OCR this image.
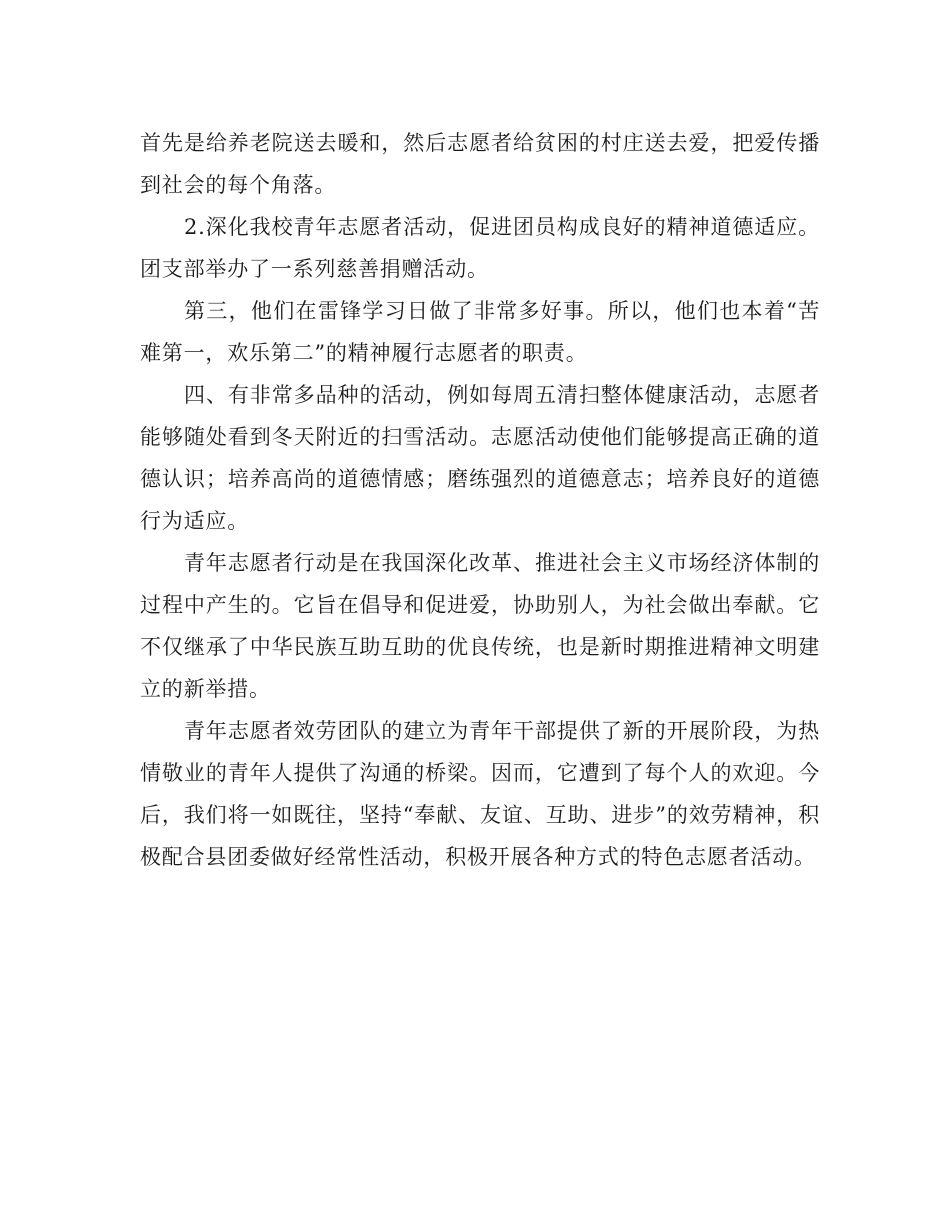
首先是给养老院送去暖和，然后志愿者给贫困的村庄送去爱，把爱传播到社会的每个角落。

2.深化我校青年志愿者活动，促进团员构成良好的精神道德适应。团支部举办了一系列慈善捐赠活动。

第三，他们在雷锋学习日做了非常多好事。所以，他们也本着“苦难第一，欢乐第二”的精神履行志愿者的职责。

四、有非常多品种的活动，例如每周五清扫整体健康活动，志愿者能够随处看到冬天附近的扫雪活动。志愿活动使他们能够提高正确的道德认识；培养高尚的道德情感；磨练强烈的道德意志；培养良好的道德行为适应。

青年志愿者行动是在我国深化改革、推进社会主义市场经济体制的过程中产生的。它旨在倡导和促进爱，协助别人，为社会做出奉献。它不仅继承了中华民族互助互助的优良传统，也是新时期推进精神文明建立的新举措。

青年志愿者效劳团队的建立为青年干部提供了新的开展阶段，为热情敬业的青年人提供了沟通的桥梁。因而，它遭到了每个人的欢迎。今后，我们将一如既往，坚持“奉献、友谊、互助、进步”的效劳精神，积极配合县团委做好经常性活动，积极开展各种方式的特色志愿者活动。
